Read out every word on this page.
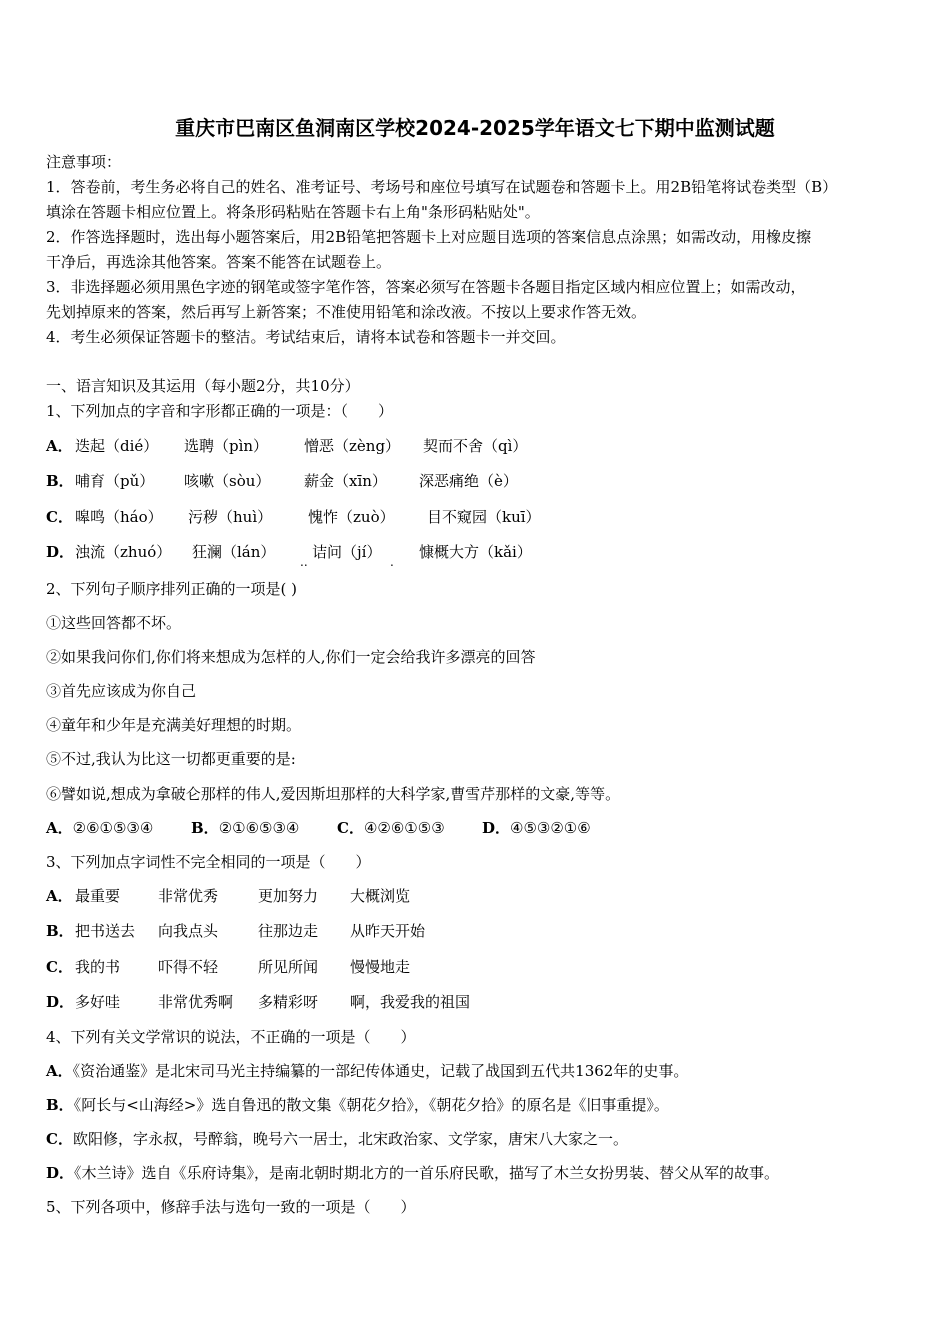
重庆市巴南区鱼洞南区学校2024-2025学年语文七下期中监测试题
注意事项：
1．答卷前，考生务必将自己的姓名、准考证号、考场号和座位号填写在试题卷和答题卡上。用2B铅笔将试卷类型（B）
填涂在答题卡相应位置上。将条形码粘贴在答题卡右上角"条形码粘贴处"。
2．作答选择题时，选出每小题答案后，用2B铅笔把答题卡上对应题目选项的答案信息点涂黑；如需改动，用橡皮擦
干净后，再选涂其他答案。答案不能答在试题卷上。
3．非选择题必须用黑色字迹的钢笔或签字笔作答，答案必须写在答题卡各题目指定区域内相应位置上；如需改动，
先划掉原来的答案，然后再写上新答案；不准使用铅笔和涂改液。不按以上要求作答无效。
4．考生必须保证答题卡的整洁。考试结束后，请将本试卷和答题卡一并交回。
一、语言知识及其运用（每小题2分，共10分）
1、下列加点的字音和字形都正确的一项是：（　　）
A． 迭起（dié） 选聘（pìn） 憎恶（zèng） 契而不舍（qì）
B． 哺育（pǔ） 咳嗽（sòu） 薪金（xīn） 深恶痛绝（è）
C． 嗥鸣（háo） 污秽（huì） 愧怍（zuò） 目不窥园（kuī）
D． 浊流（zhuó） 狂澜（lán）
..
诘问（jí）
.
慷概大方（kǎi）
2、下列句子顺序排列正确的一项是( )
①这些回答都不坏。
②如果我问你们,你们将来想成为怎样的人,你们一定会给我许多漂亮的回答
③首先应该成为你自己
④童年和少年是充满美好理想的时期。
⑤不过,我认为比这一切都更重要的是:
⑥譬如说,想成为拿破仑那样的伟人,爱因斯坦那样的大科学家,曹雪芹那样的文豪,等等。
A．②⑥①⑤③④	B．②①⑥⑤③④	C．④②⑥①⑤③ D．④⑤③②①⑥
3、下列加点字词性不完全相同的一项是（　　）
A． 最重要	非常优秀	更加努力 大概浏览
B． 把书送去 向我点头	往那边走 从昨天开始
C． 我的书	吓得不轻	所见所闻 慢慢地走
D． 多好哇	非常优秀啊 多精彩呀 啊，我爱我的祖国
4、下列有关文学常识的说法，不正确的一项是（　　）
A．《资治通鉴》是北宋司马光主持编纂的一部纪传体通史，记载了战国到五代共1362年的史事。
B．《阿长与<山海经>》选自鲁迅的散文集《朝花夕拾》，《朝花夕拾》的原名是《旧事重提》。
C．欧阳修，字永叔，号醉翁，晚号六一居士，北宋政治家、文学家，唐宋八大家之一。
D．《木兰诗》选自《乐府诗集》，是南北朝时期北方的一首乐府民歌，描写了木兰女扮男装、替父从军的故事。
5、下列各项中，修辞手法与选句一致的一项是（　　）
